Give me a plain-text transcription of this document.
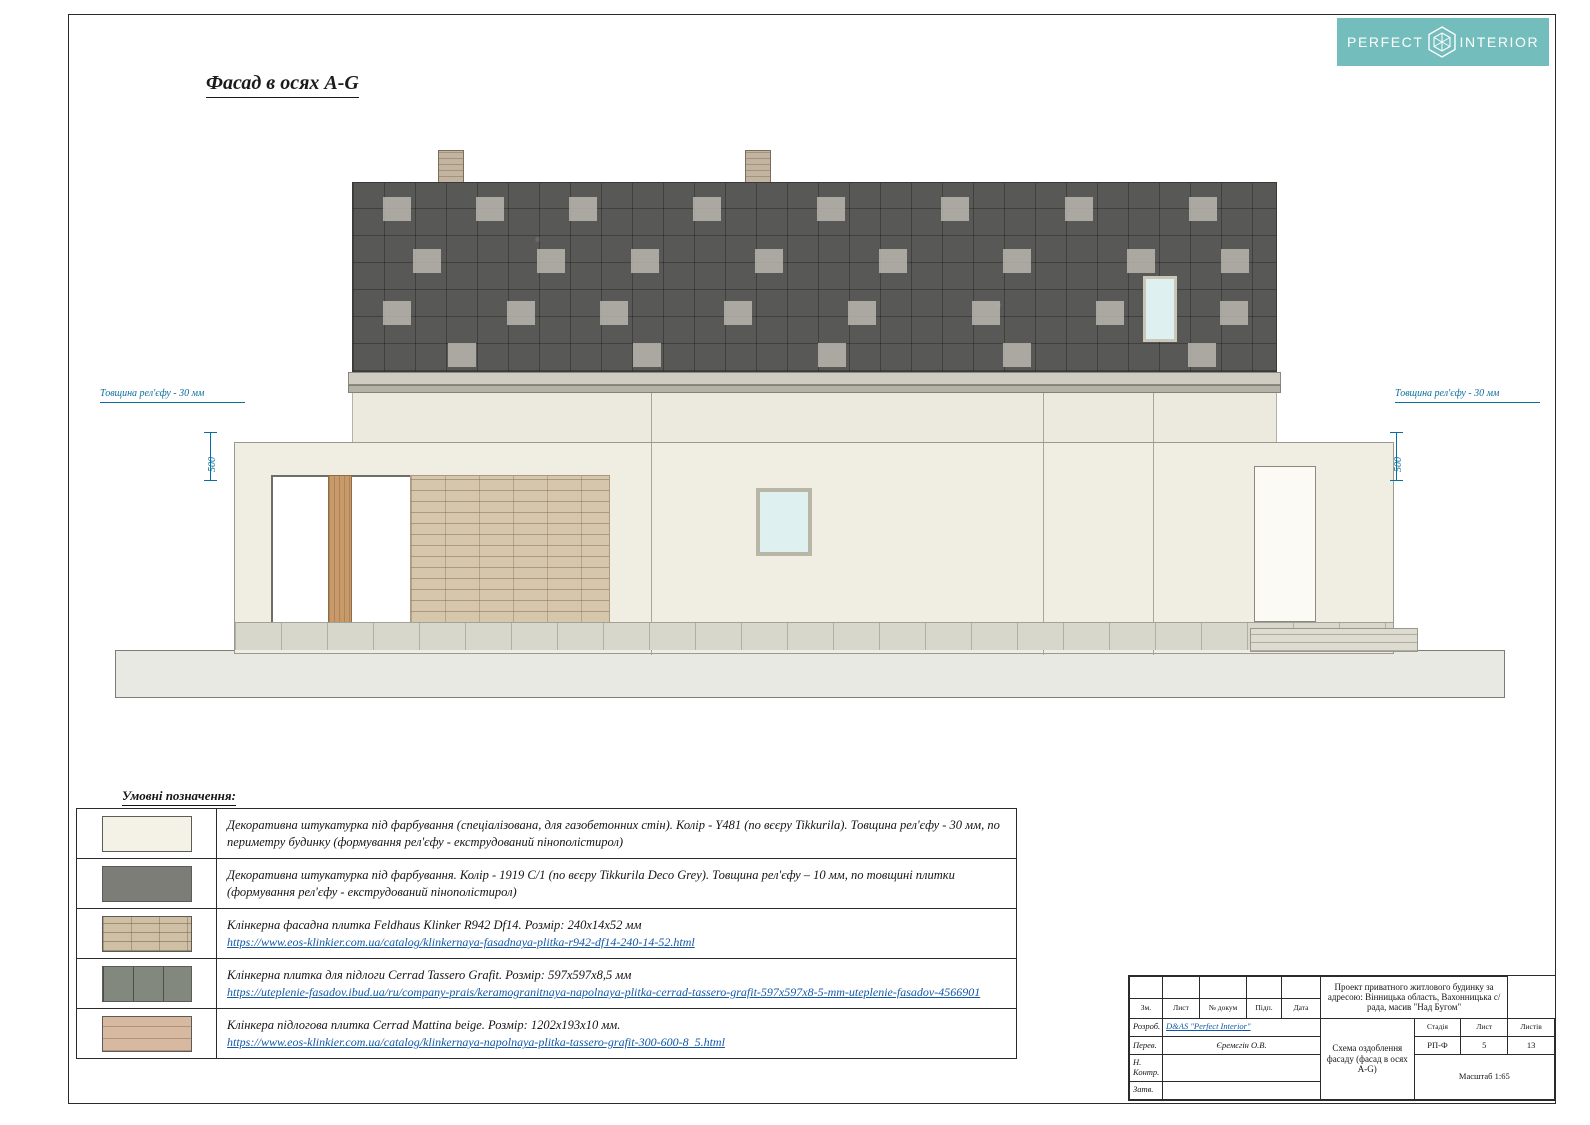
PERFECT	INTERIOR
Фасад в осях A-G
Товщина рел'єфу - 30 мм
500
Товщина рел'єфу - 30 мм
500
Умовні позначення:
Декоративна штукатурка під фарбування (спеціалізована, для газобетонних стін). Колір - Y481 (по вєєру Tikkurila). Товщина рел'єфу - 30 мм, по периметру будинку (формування рел'єфу - екструдований пінополістирол)
Декоративна штукатурка під фарбування. Колір - 1919 C/1 (по вєєру Tikkurila Deco Grey). Товщина рел'єфу – 10 мм, по товщині плитки (формування рел'єфу - екструдований пінополістирол)
Клінкерна фасадна плитка Feldhaus Klinker R942 Df14. Розмір: 240x14x52 мм
https://www.eos-klinkier.com.ua/catalog/klinkernaya-fasadnaya-plitka-r942-df14-240-14-52.html
Клінкерна плитка для підлоги Cerrad Tassero Grafit. Розмір: 597x597x8,5 мм
https://uteplenie-fasadov.ibud.ua/ru/company-prais/keramogranitnaya-napolnaya-plitka-cerrad-tassero-grafit-597x597x8-5-mm-uteplenie-fasadov-4566901
Клінкера підлогова плитка Cerrad Mattina beige. Розмір: 1202x193x10 мм.
https://www.eos-klinkier.com.ua/catalog/klinkernaya-napolnaya-plitka-tassero-grafit-300-600-8_5.html
					Проект приватного житлового будинку за адресою: Вінницька область, Вахонницька с/рада, масив "Над Бугом"			
Зм.	Лист	№ докум	Підп.	Дата				
Розроб.	D&AS "Perfect Interior"				Схема оздоблення фасаду (фасад в осях A-G)	Стадія	Лист	Листів
Перев.	Єремєгін О.В.					РП-Ф	5	13
Н. Контр.						Масштаб 1:65		
Затв.								
